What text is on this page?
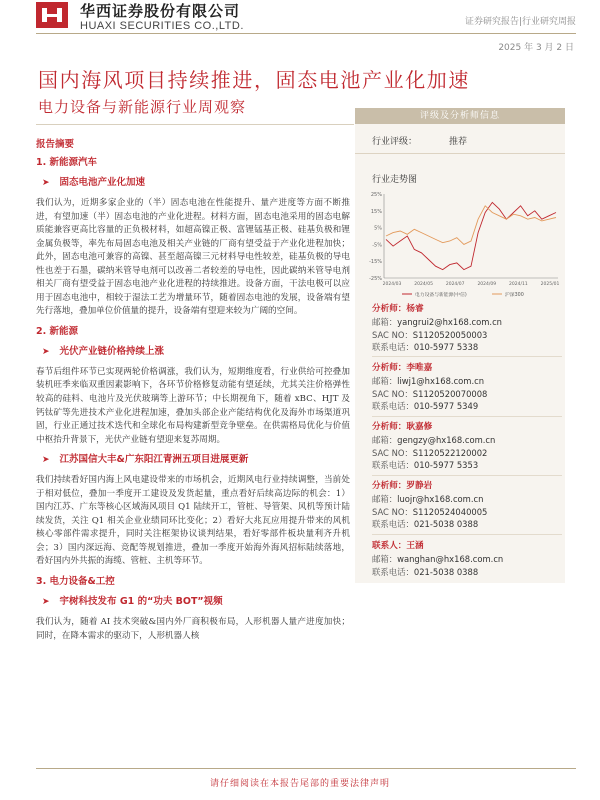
华西证券股份有限公司
HUAXI SECURITIES CO.,LTD.	证券研究报告|行业研究周报
2025 年 3 月 2 日
国内海风项目持续推进，固态电池产业化加速
电力设备与新能源行业周观察
报告摘要
1. 新能源汽车
➤ 固态电池产业化加速
我们认为，近期多家企业的（半）固态电池在性能提升、量产进度等方面不断推进，有望加速（半）固态电池的产业化进程。材料方面，固态电池采用的固态电解质能兼容更高比容量的正负极材料，如超高镍正极、富锂锰基正极、硅基负极和锂金属负极等，率先布局固态电池及相关产业链的厂商有望受益于产业化进程加快；此外，固态电池可兼容的高镍、甚至超高镍三元材料导电性较差，硅基负极的导电性也差于石墨，碳纳米管导电剂可以改善二者较差的导电性，因此碳纳米管导电剂相关厂商有望受益于固态电池产业化进程的持续推进。设备方面，干法电极可以应用于固态电池中，相较于湿法工艺为增量环节，随着固态电池的发展，设备端有望先行落地，叠加单位价值量的提升，设备端有望迎来较为广阔的空间。
2. 新能源
➤ 光伏产业链价格持续上涨
春节后组件环节已实现两轮价格调涨，我们认为，短期维度看，行业供给可控叠加装机旺季来临双重因素影响下，各环节价格修复动能有望延续，尤其关注价格弹性较高的硅料、电池片及光伏玻璃等上游环节；中长期视角下，随着 xBC、HJT 及钙钛矿等先进技术产业化进程加速，叠加头部企业产能结构优化及海外市场渠道巩固，行业正通过技术迭代和全球化布局构建新型竞争壁垒。在供需格局优化与价值中枢抬升背景下，光伏产业链有望迎来复苏周期。
➤ 江苏国信大丰&广东阳江青洲五项目进展更新
我们持续看好国内海上风电建设带来的市场机会，近期风电行业持续调整，当前处于相对低位，叠加一季度开工建设及发货起量，重点看好后续高边际的机会：1）国内江苏、广东等核心区域海风项目 Q1 陆续开工，管桩、导管架、风机等预计陆续发货，关注 Q1 相关企业业绩同环比变化；2）看好大兆瓦应用提升带来的风机核心零部件需求提升，同时关注框架协议谈判结果，看好零部件板块量利齐升机会；3）国内深远海、竞配等规划推进，叠加一季度开始海外海风招标陆续落地，看好国内外共振的海缆、管桩、主机等环节。
3. 电力设备&工控
➤ 宇树科技发布 G1 的“功夫 BOT”视频
我们认为，随着 AI 技术突破&国内外厂商积极布局，人形机器人量产进度加快；同时，在降本需求的驱动下，人形机器人核
评级及分析师信息
行业评级：	推荐
行业走势图
25%
15%
5%
-5%
-15%
-25%
2024/03	2024/05	2024/07	2024/09	2024/11	2025/01
电力设备与新能源(中信)	沪深300
分析师：杨睿
邮箱：yangrui2@hx168.com.cn
SAC NO：S1120520050003
联系电话：010-5977 5338
分析师：李唯嘉
邮箱：liwj1@hx168.com.cn
SAC NO：S1120520070008
联系电话：010-5977 5349
分析师：耿嘉修
邮箱：gengzy@hx168.com.cn
SAC NO：S1120522120002
联系电话：010-5977 5353
分析师：罗静岩
邮箱：luojr@hx168.com.cn
SAC NO：S1120524040005
联系电话：021-5038 0388
联系人：王涵
邮箱：wanghan@hx168.com.cn
联系电话：021-5038 0388
请仔细阅读在本报告尾部的重要法律声明
